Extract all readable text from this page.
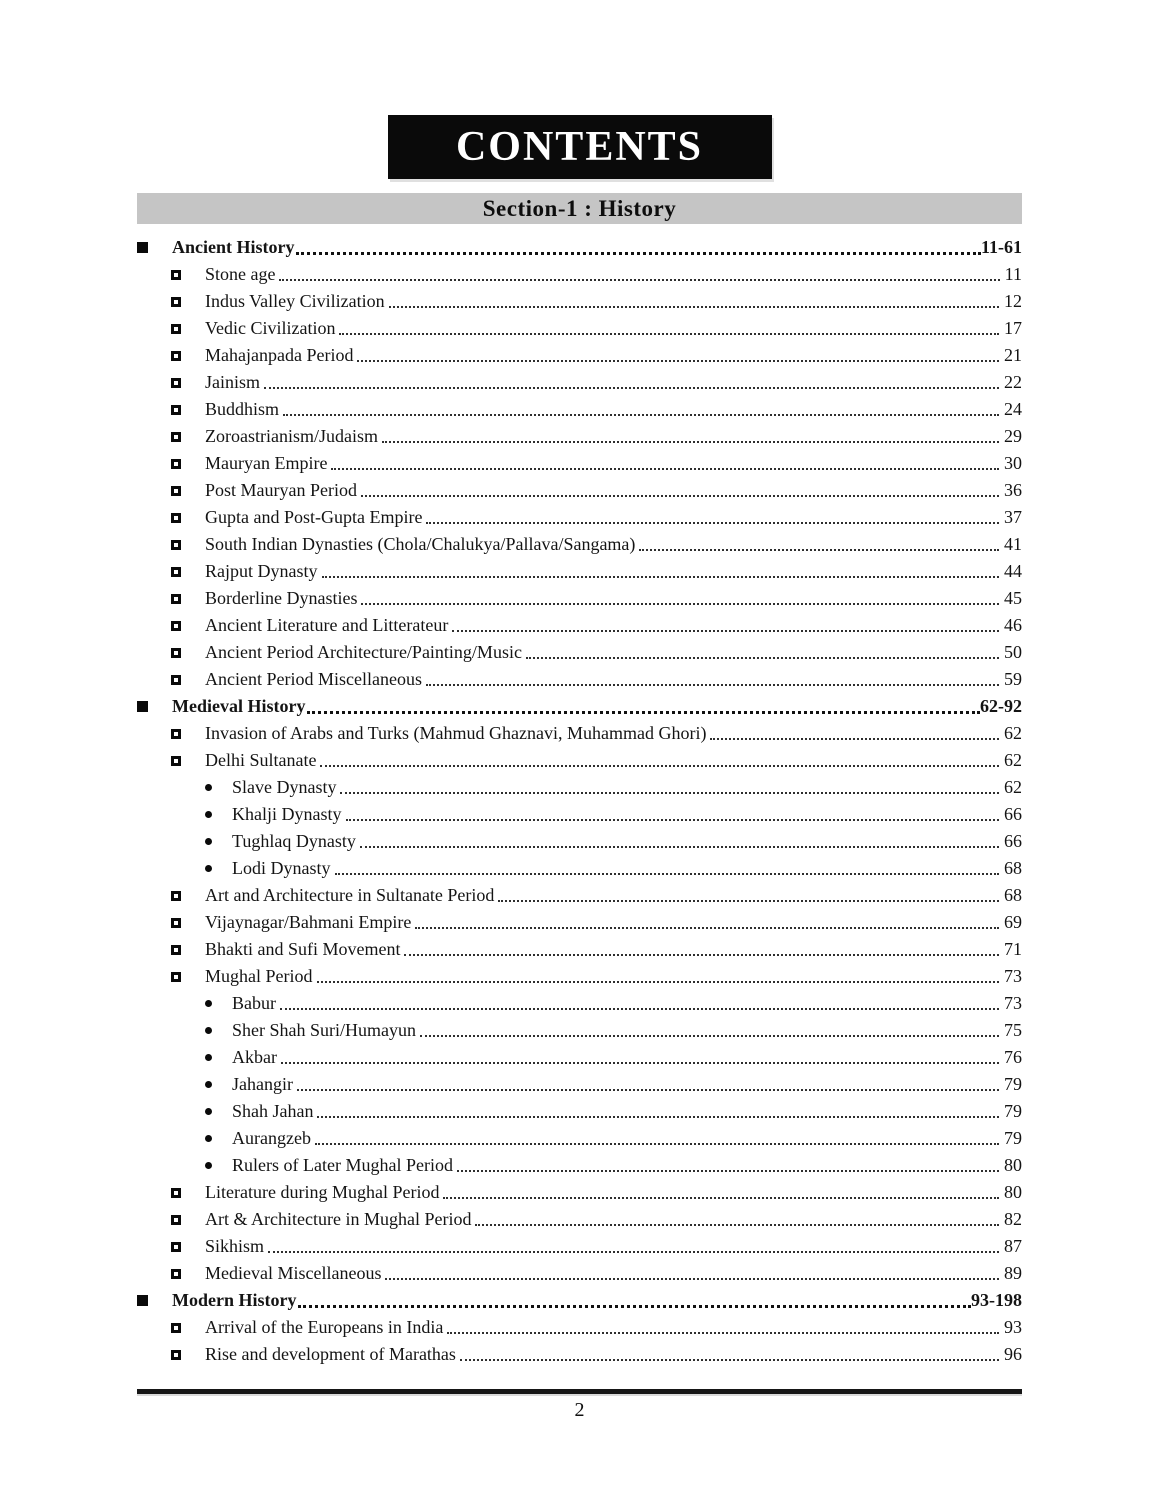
CONTENTS
Section-1 : History
Ancient History	11-61
Stone age	11
Indus Valley Civilization	12
Vedic Civilization	17
Mahajanpada Period	21
Jainism	22
Buddhism	24
Zoroastrianism/Judaism	29
Mauryan Empire	30
Post Mauryan Period	36
Gupta and Post-Gupta Empire	37
South Indian Dynasties (Chola/Chalukya/Pallava/Sangama)	41
Rajput Dynasty	44
Borderline Dynasties	45
Ancient Literature and Litterateur	46
Ancient Period Architecture/Painting/Music	50
Ancient Period Miscellaneous	59
Medieval History	62-92
Invasion of Arabs and Turks (Mahmud Ghaznavi, Muhammad Ghori)	62
Delhi Sultanate	62
Slave Dynasty	62
Khalji Dynasty	66
Tughlaq Dynasty	66
Lodi Dynasty	68
Art and Architecture in Sultanate Period	68
Vijaynagar/Bahmani Empire	69
Bhakti and Sufi Movement	71
Mughal Period	73
Babur	73
Sher Shah Suri/Humayun	75
Akbar	76
Jahangir	79
Shah Jahan	79
Aurangzeb	79
Rulers of Later Mughal Period	80
Literature during Mughal Period	80
Art & Architecture in Mughal Period	82
Sikhism	87
Medieval Miscellaneous	89
Modern History	93-198
Arrival of the Europeans in India	93
Rise and development of Marathas	96
2
